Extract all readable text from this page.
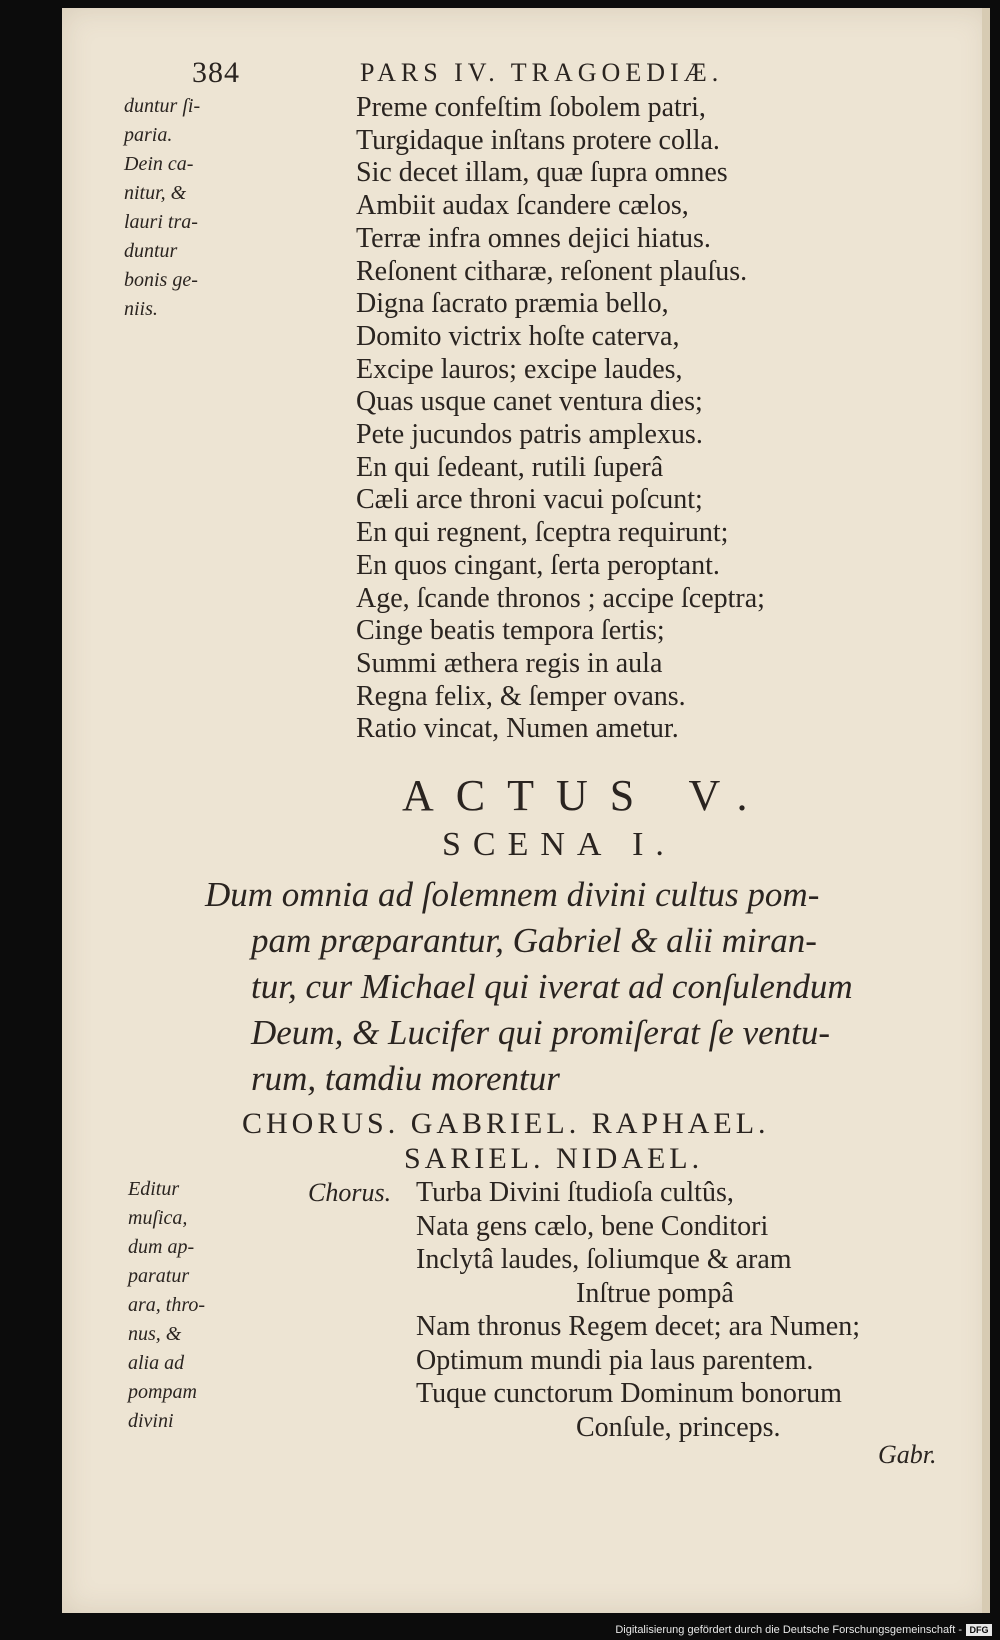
384	PARS IV. TRAGOEDIÆ.
duntur ſi-
paria.
Dein ca-
nitur, &
lauri tra-
duntur
bonis ge-
niis.
Preme confeſtim ſobolem patri,
Turgidaque inſtans protere colla.
Sic decet illam, quæ ſupra omnes
Ambiit audax ſcandere cælos,
Terræ infra omnes dejici hiatus.
Reſonent citharæ, reſonent plauſus.
Digna ſacrato præmia bello,
Domito victrix hoſte caterva,
Excipe lauros; excipe laudes,
Quas usque canet ventura dies;
Pete jucundos patris amplexus.
En qui ſedeant, rutili ſuperâ
Cæli arce throni vacui poſcunt;
En qui regnent, ſceptra requirunt;
En quos cingant, ſerta peroptant.
Age, ſcande thronos ; accipe ſceptra;
Cinge beatis tempora ſertis;
Summi æthera regis in aula
Regna felix, & ſemper ovans.
Ratio vincat, Numen ametur.
ACTUS V.
SCENA I.
Dum omnia ad ſolemnem divini cultus pom-
pam præparantur, Gabriel & alii miran-
tur, cur Michael qui iverat ad conſulendum
Deum, & Lucifer qui promiſerat ſe ventu-
rum, tamdiu morentur
CHORUS. GABRIEL. RAPHAEL.
SARIEL. NIDAEL.
Editur
muſica,
dum ap-
paratur
ara, thro-
nus, &
alia ad
pompam
divini
Chorus. Turba Divini ſtudioſa cultûs,
Nata gens cælo, bene Conditori
Inclytâ laudes, ſoliumque & aram
Inſtrue pompâ
Nam thronus Regem decet; ara Numen;
Optimum mundi pia laus parentem.
Tuque cunctorum Dominum bonorum
Conſule, princeps.
Gabr.
Digitalisierung gefördert durch die Deutsche Forschungsgemeinschaft - DFG
